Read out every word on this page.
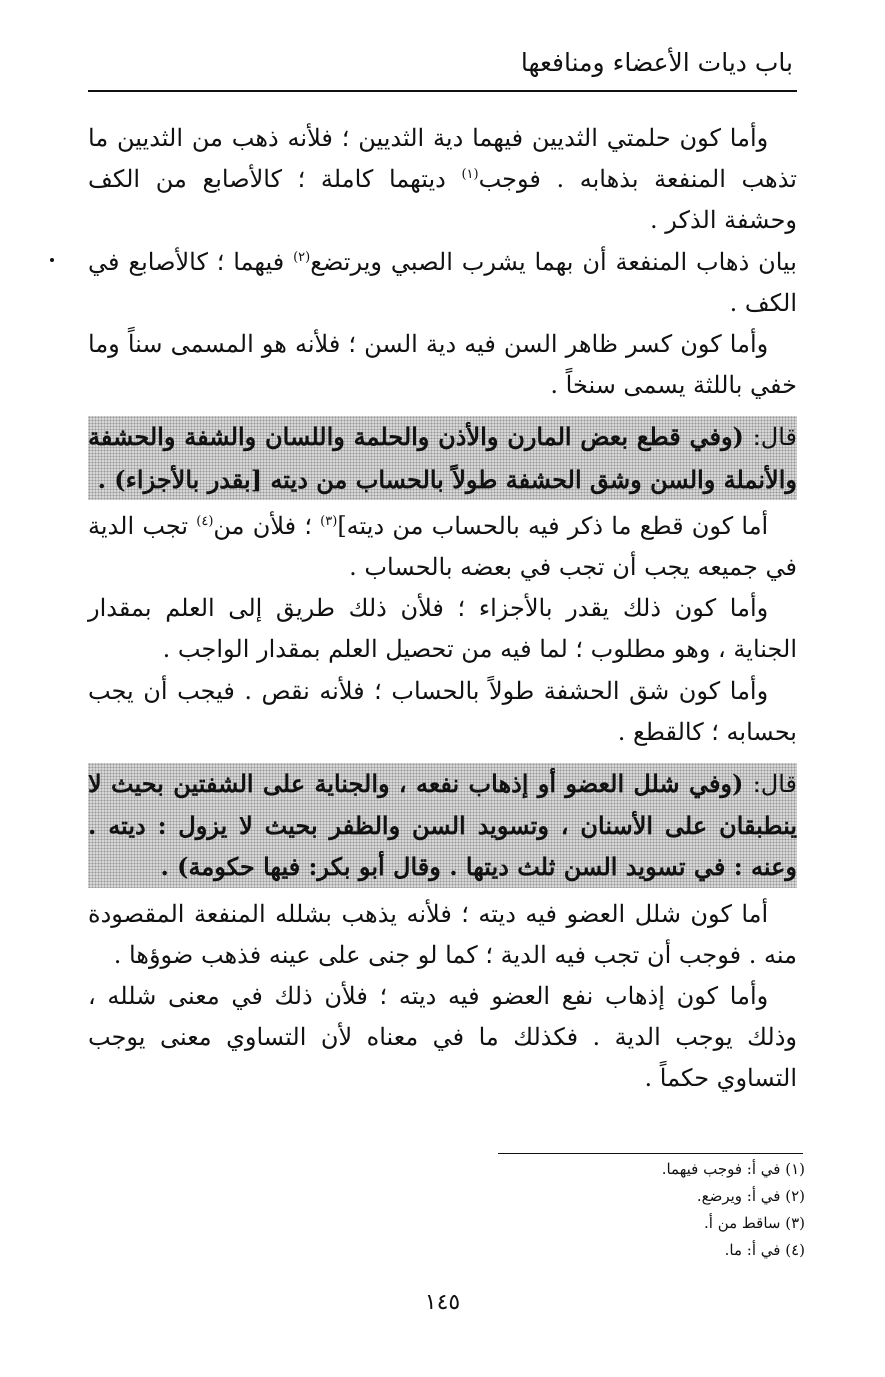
باب ديات الأعضاء ومنافعها

وأما كون حلمتي الثديين فيهما دية الثديين ؛ فلأنه ذهب من الثديين ما تذهب المنفعة بذهابه . فوجب$^{(١)}$ ديتهما كاملة ؛ كالأصابع من الكف وحشفة الذكر .

بيان ذهاب المنفعة أن بهما يشرب الصبي ويرتضع$^{(٢)}$ فيهما ؛ كالأصابع في الكف .

وأما كون كسر ظاهر السن فيه دية السن ؛ فلأنه هو المسمى سناً وما خفي باللثة يسمى سنخاً .

قال: (وفي قطع بعض المارن والأذن والحلمة واللسان والشفة والحشفة والأنملة والسن وشق الحشفة طولاً بالحساب من ديته [بقدر بالأجزاء) .

أما كون قطع ما ذكر فيه بالحساب من ديته]$^{(٣)}$ ؛ فلأن من$^{(٤)}$ تجب الدية في جميعه يجب أن تجب في بعضه بالحساب .

وأما كون ذلك يقدر بالأجزاء ؛ فلأن ذلك طريق إلى العلم بمقدار الجناية ، وهو مطلوب ؛ لما فيه من تحصيل العلم بمقدار الواجب .

وأما كون شق الحشفة طولاً بالحساب ؛ فلأنه نقص . فيجب أن يجب بحسابه ؛ كالقطع .

قال: (وفي شلل العضو أو إذهاب نفعه ، والجناية على الشفتين بحيث لا ينطبقان على الأسنان ، وتسويد السن والظفر بحيث لا يزول : ديته . وعنه : في تسويد السن ثلث ديتها . وقال أبو بكر: فيها حكومة) .

أما كون شلل العضو فيه ديته ؛ فلأنه يذهب بشلله المنفعة المقصودة منه . فوجب أن تجب فيه الدية ؛ كما لو جنى على عينه فذهب ضوؤها .

وأما كون إذهاب نفع العضو فيه ديته ؛ فلأن ذلك في معنى شلله ، وذلك يوجب الدية . فكذلك ما في معناه لأن التساوي معنى يوجب التساوي حكماً .

(١) في أ: فوجب فيهما.
(٢) في أ: ويرضع.
(٣) ساقط من أ.
(٤) في أ: ما.
١٤٥
